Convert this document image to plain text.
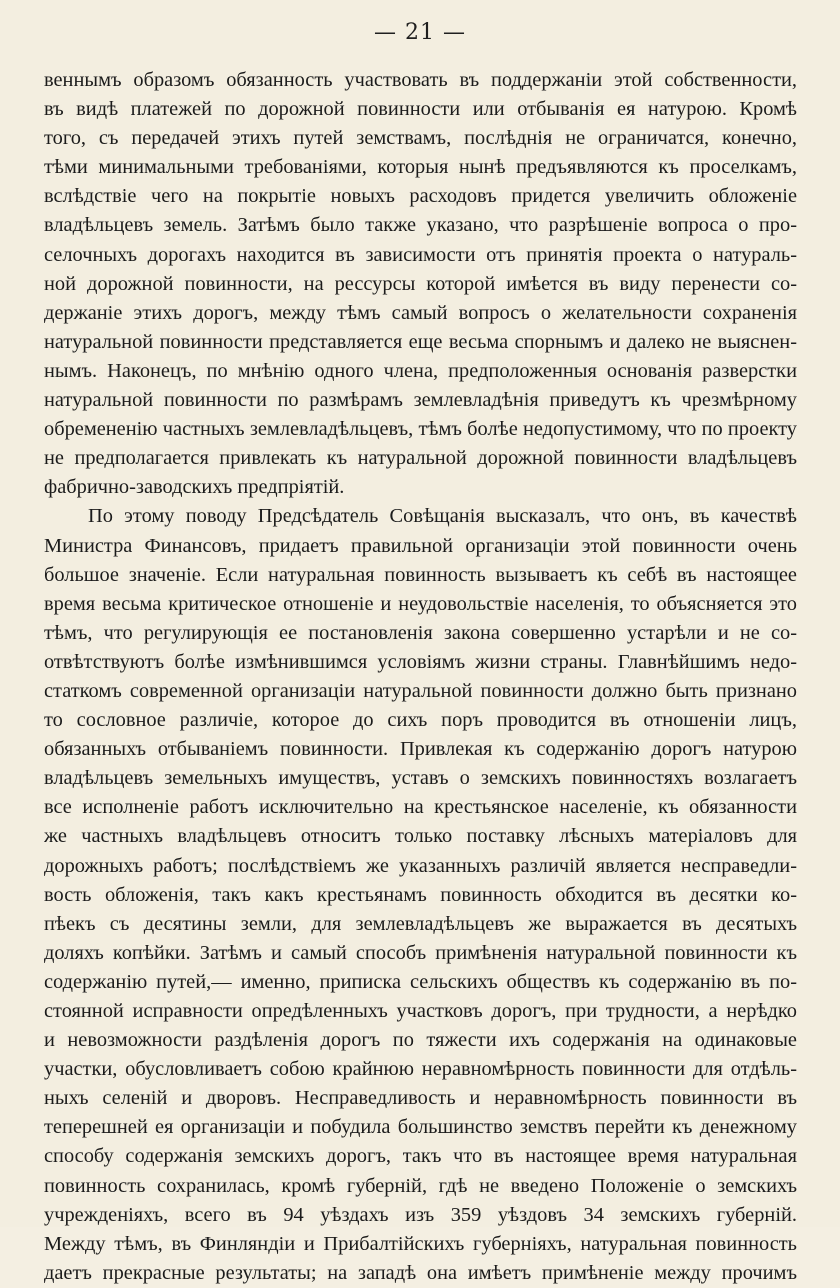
— 21 —
веннымъ образомъ обязанность участвовать въ поддержанiи этой собственности,
въ видѣ платежей по дорожной повинности или отбыванiя ея натурою. Кромѣ
того, съ передачей этихъ путей земствамъ, послѣднiя не ограничатся, конечно,
тѣми минимальными требованiями, которыя нынѣ предъявляются къ проселкамъ,
вслѣдствiе чего на покрытiе новыхъ расходовъ придется увеличить обложенiе
владѣльцевъ земель. Затѣмъ было также указано, что разрѣшенiе вопроса о про-
селочныхъ дорогахъ находится въ зависимости отъ принятiя проекта о натураль-
ной дорожной повинности, на рессурсы которой имѣется въ виду перенести со-
держанiе этихъ дорогъ, между тѣмъ самый вопросъ о желательности сохраненiя
натуральной повинности представляется еще весьма спорнымъ и далеко не выяснен-
нымъ. Наконецъ, по мнѣнiю одного члена, предположенныя основанiя разверстки
натуральной повинности по размѣрамъ землевладѣнiя приведутъ къ чрезмѣрному
обремененiю частныхъ землевладѣльцевъ, тѣмъ болѣе недопустимому, что по проекту
не предполагается привлекать къ натуральной дорожной повинности владѣльцевъ
фабрично-заводскихъ предпрiятiй.
По этому поводу Предсѣдатель Совѣщанiя высказалъ, что онъ, въ качествѣ
Министра Финансовъ, придаетъ правильной организацiи этой повинности очень
большое значенiе. Если натуральная повинность вызываетъ къ себѣ въ настоящее
время весьма критическое отношенiе и неудовольствiе населенiя, то объясняется это
тѣмъ, что регулирующiя ее постановленiя закона совершенно устарѣли и не со-
отвѣтствуютъ болѣе измѣнившимся условiямъ жизни страны. Главнѣйшимъ недо-
статкомъ современной организацiи натуральной повинности должно быть признано
то сословное различiе, которое до сихъ поръ проводится въ отношенiи лицъ,
обязанныхъ отбыванiемъ повинности. Привлекая къ содержанiю дорогъ натурою
владѣльцевъ земельныхъ имуществъ, уставъ о земскихъ повинностяхъ возлагаетъ
все исполненiе работъ исключительно на крестьянское населенiе, къ обязанности
же частныхъ владѣльцевъ относитъ только поставку лѣсныхъ матерiаловъ для
дорожныхъ работъ; послѣдствiемъ же указанныхъ различiй является несправедли-
вость обложенiя, такъ какъ крестьянамъ повинность обходится въ десятки ко-
пѣекъ съ десятины земли, для землевладѣльцевъ же выражается въ десятыхъ
доляхъ копѣйки. Затѣмъ и самый способъ примѣненiя натуральной повинности къ
содержанiю путей,— именно, приписка сельскихъ обществъ къ содержанiю въ по-
стоянной исправности опредѣленныхъ участковъ дорогъ, при трудности, а нерѣдко
и невозможности раздѣленiя дорогъ по тяжести ихъ содержанiя на одинаковые
участки, обусловливаетъ собою крайнюю неравномѣрность повинности для отдѣль-
ныхъ селенiй и дворовъ. Несправедливость и неравномѣрность повинности въ
теперешней ея организацiи и побудила большинство земствъ перейти къ денежному
способу содержанiя земскихъ дорогъ, такъ что въ настоящее время натуральная
повинность сохранилась, кромѣ губернiй, гдѣ не введено Положенiе о земскихъ
учрежденiяхъ, всего въ 94 уѣздахъ изъ 359 уѣздовъ 34 земскихъ губернiй.
Между тѣмъ, въ Финляндiи и Прибалтiйскихъ губернiяхъ, натуральная повинность
даетъ прекрасные результаты; на западѣ она имѣетъ примѣненiе между прочимъ
